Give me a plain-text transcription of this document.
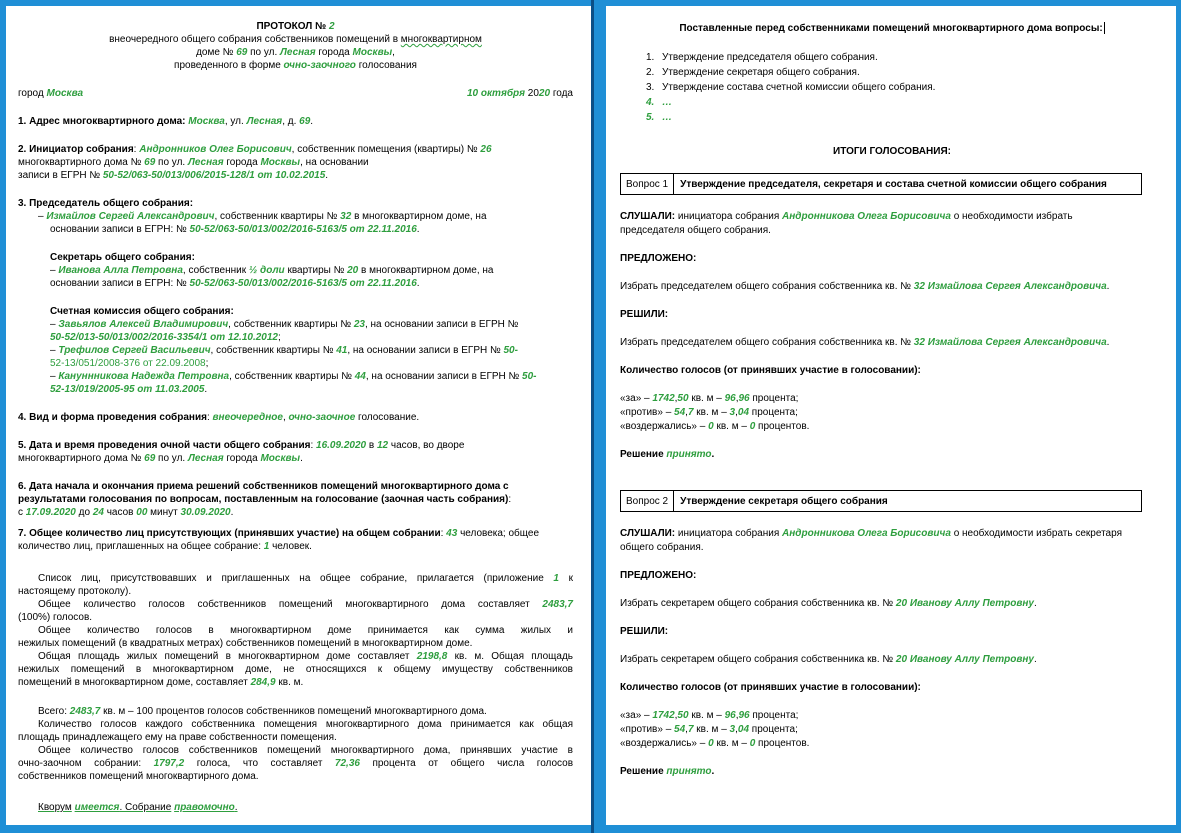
ПРОТОКОЛ № 2
внеочередного общего собрания собственников помещений в многоквартирном
доме № 69 по ул. Лесная города Москвы,
проведенного в форме очно-заочного голосования
город Москва	10 октября 2020 года
1. Адрес многоквартирного дома: Москва, ул. Лесная, д. 69.
2. Инициатор собрания: Андронников Олег Борисович, собственник помещения (квартиры) № 26
многоквартирного дома № 69 по ул. Лесная города Москвы, на основании
записи в ЕГРН № 50-52/063-50/013/006/2015-128/1 от 10.02.2015.
3. Председатель общего собрания:
– Измайлов Сергей Александрович, собственник квартиры № 32 в многоквартирном доме, на
основании записи в ЕГРН: № 50-52/063-50/013/002/2016-5163/5 от 22.11.2016.
Секретарь общего собрания:
– Иванова Алла Петровна, собственник ½ доли квартиры № 20 в многоквартирном доме, на
основании записи в ЕГРН: № 50-52/063-50/013/002/2016-5163/5 от 22.11.2016.
Счетная комиссия общего собрания:
– Завьялов Алексей Владимирович, собственник квартиры № 23, на основании записи в ЕГРН №
50-52/013-50/013/002/2016-3354/1 от 12.10.2012;
– Трефилов Сергей Васильевич, собственник квартиры № 41, на основании записи в ЕГРН № 50-
52-13/051/2008-376 от 22.09.2008;
– Кануннникова Надежда Петровна, собственник квартиры № 44, на основании записи в ЕГРН № 50-
52-13/019/2005-95 от 11.03.2005.
4. Вид и форма проведения собрания: внеочередное, очно-заочное голосование.
5. Дата и время проведения очной части общего собрания: 16.09.2020 в 12 часов, во дворе
многоквартирного дома № 69 по ул. Лесная города Москвы.
6. Дата начала и окончания приема решений собственников помещений многоквартирного дома с
результатами голосования по вопросам, поставленным на голосование (заочная часть собрания):
с 17.09.2020 до 24 часов 00 минут 30.09.2020.
7. Общее количество лиц присутствующих (принявших участие) на общем собрании: 43 человека; общее
количество лиц, приглашенных на общее собрание: 1 человек.
Список лиц, присутствовавших и приглашенных на общее собрание, прилагается (приложение 1 к
настоящему протоколу).
Общее количество голосов собственников помещений многоквартирного дома составляет 2483,7
(100%) голосов.
Общее количество голосов в многоквартирном доме принимается как сумма жилых и
нежилых помещений (в квадратных метрах) собственников помещений в многоквартирном доме.
Общая площадь жилых помещений в многоквартирном доме составляет 2198,8 кв. м. Общая площадь
нежилых помещений в многоквартирном доме, не относящихся к общему имуществу собственников
помещений в многоквартирном доме, составляет 284,9 кв. м.
Всего: 2483,7 кв. м – 100 процентов голосов собственников помещений многоквартирного дома.
Количество голосов каждого собственника помещения многоквартирного дома принимается как общая
площадь принадлежащего ему на праве собственности помещения.
Общее количество голосов собственников помещений многоквартирного дома, принявших участие в
очно-заочном собрании: 1797,2 голоса, что составляет 72,36 процента от общего числа голосов
собственников помещений многоквартирного дома.
Кворум имеется. Собрание правомочно.
Поставленные перед собственниками помещений многоквартирного дома вопросы:
1. Утверждение председателя общего собрания.
2. Утверждение секретаря общего собрания.
3. Утверждение состава счетной комиссии общего собрания.
4. …
5. …
ИТОГИ ГОЛОСОВАНИЯ:
Вопрос 1	Утверждение председателя, секретаря и состава счетной комиссии общего собрания
СЛУШАЛИ: инициатора собрания Андронникова Олега Борисовича о необходимости избрать
председателя общего собрания.
ПРЕДЛОЖЕНО:
Избрать председателем общего собрания собственника кв. № 32 Измайлова Сергея Александровича.
РЕШИЛИ:
Избрать председателем общего собрания собственника кв. № 32 Измайлова Сергея Александровича.
Количество голосов (от принявших участие в голосовании):
«за» – 1742,50 кв. м – 96,96 процента;
«против» – 54,7 кв. м – 3,04 процента;
«воздержались» – 0 кв. м – 0 процентов.
Решение принято.
Вопрос 2	Утверждение секретаря общего собрания
СЛУШАЛИ: инициатора собрания Андронникова Олега Борисовича о необходимости избрать секретаря
общего собрания.
ПРЕДЛОЖЕНО:
Избрать секретарем общего собрания собственника кв. № 20 Иванову Аллу Петровну.
РЕШИЛИ:
Избрать секретарем общего собрания собственника кв. № 20 Иванову Аллу Петровну.
Количество голосов (от принявших участие в голосовании):
«за» – 1742,50 кв. м – 96,96 процента;
«против» – 54,7 кв. м – 3,04 процента;
«воздержались» – 0 кв. м – 0 процентов.
Решение принято.
